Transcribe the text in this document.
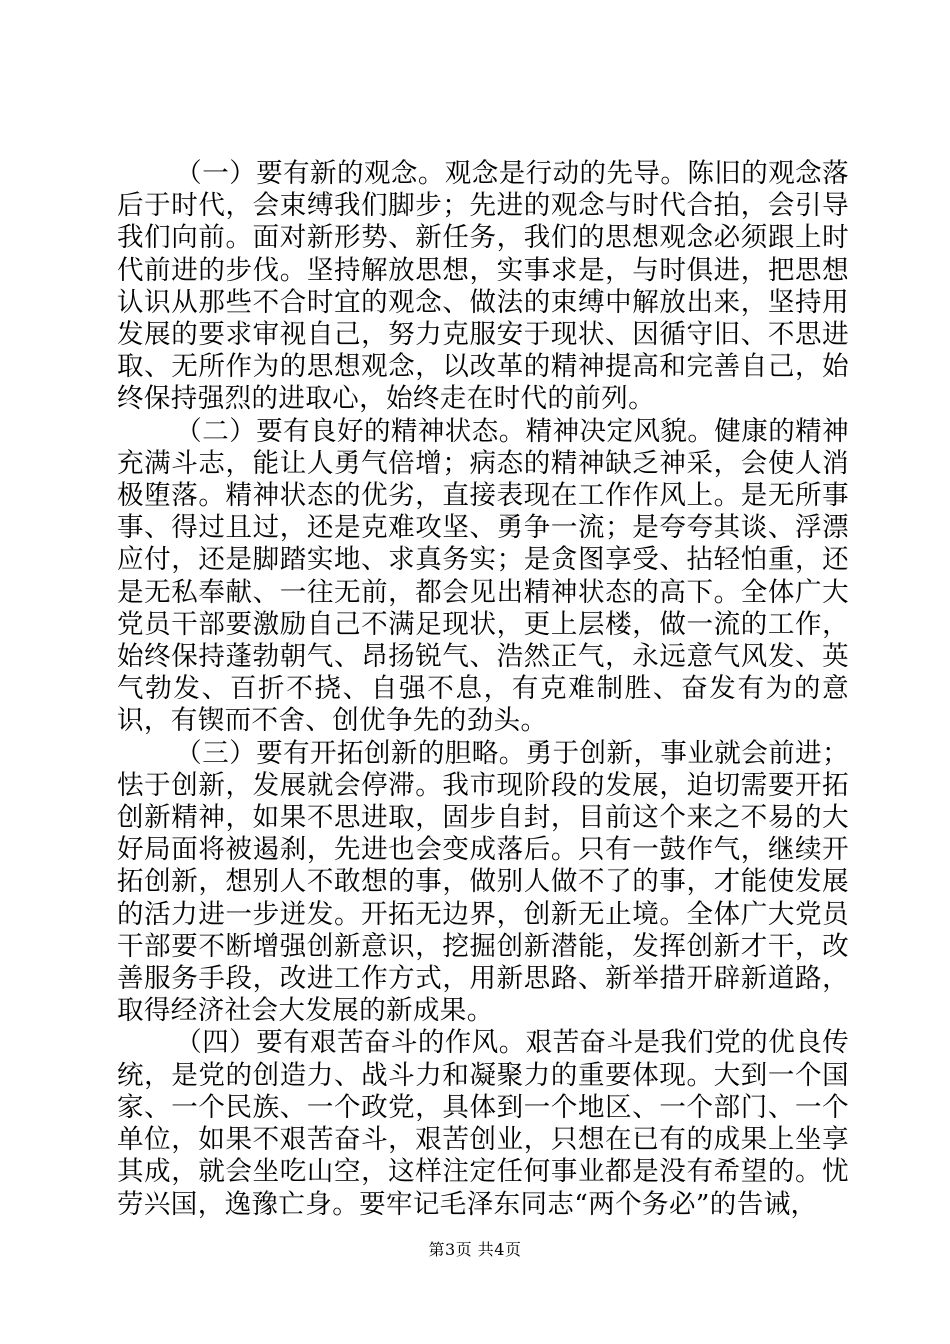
（一）要有新的观念。观念是行动的先导。陈旧的观念落后于时代，会束缚我们脚步；先进的观念与时代合拍，会引导我们向前。面对新形势、新任务，我们的思想观念必须跟上时代前进的步伐。坚持解放思想，实事求是，与时俱进，把思想认识从那些不合时宜的观念、做法的束缚中解放出来，坚持用发展的要求审视自己，努力克服安于现状、因循守旧、不思进取、无所作为的思想观念，以改革的精神提高和完善自己，始终保持强烈的进取心，始终走在时代的前列。

（二）要有良好的精神状态。精神决定风貌。健康的精神充满斗志，能让人勇气倍增；病态的精神缺乏神采，会使人消极堕落。精神状态的优劣，直接表现在工作作风上。是无所事事、得过且过，还是克难攻坚、勇争一流；是夸夸其谈、浮漂应付，还是脚踏实地、求真务实；是贪图享受、拈轻怕重，还是无私奉献、一往无前，都会见出精神状态的高下。全体广大党员干部要激励自己不满足现状，更上层楼，做一流的工作，始终保持蓬勃朝气、昂扬锐气、浩然正气，永远意气风发、英气勃发、百折不挠、自强不息，有克难制胜、奋发有为的意识，有锲而不舍、创优争先的劲头。

（三）要有开拓创新的胆略。勇于创新，事业就会前进；怯于创新，发展就会停滞。我市现阶段的发展，迫切需要开拓创新精神，如果不思进取，固步自封，目前这个来之不易的大好局面将被遏刹，先进也会变成落后。只有一鼓作气，继续开拓创新，想别人不敢想的事，做别人做不了的事，才能使发展的活力进一步迸发。开拓无边界，创新无止境。全体广大党员干部要不断增强创新意识，挖掘创新潜能，发挥创新才干，改善服务手段，改进工作方式，用新思路、新举措开辟新道路，取得经济社会大发展的新成果。

（四）要有艰苦奋斗的作风。艰苦奋斗是我们党的优良传统，是党的创造力、战斗力和凝聚力的重要体现。大到一个国家、一个民族、一个政党，具体到一个地区、一个部门、一个单位，如果不艰苦奋斗，艰苦创业，只想在已有的成果上坐享其成，就会坐吃山空，这样注定任何事业都是没有希望的。忧劳兴国，逸豫亡身。要牢记毛泽东同志“两个务必”的告诫，

第3页 共4页
